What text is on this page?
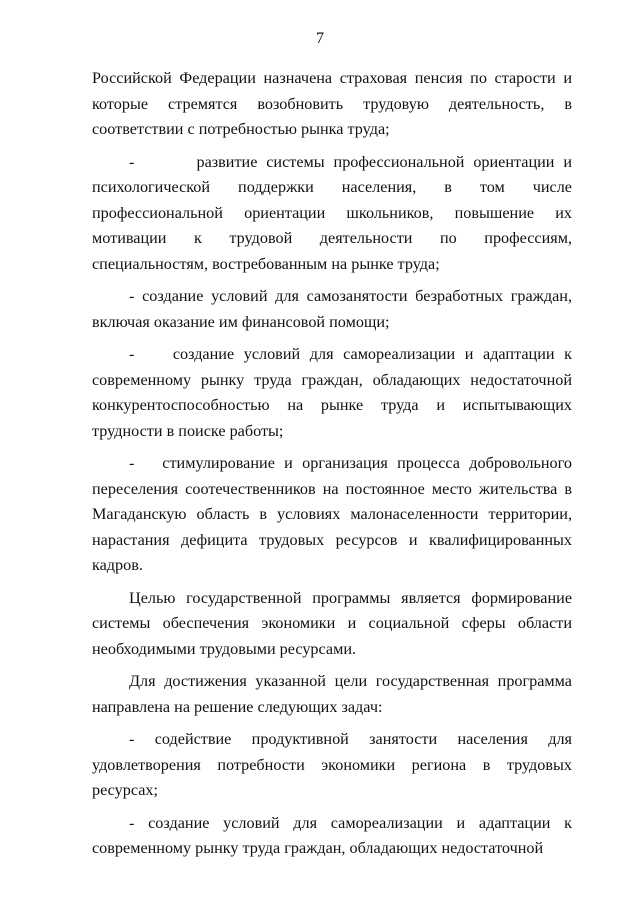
7

Российской Федерации назначена страховая пенсия по старости и которые стремятся возобновить трудовую деятельность, в соответствии с потребностью рынка труда;

-       развитие системы профессиональной ориентации и психологической поддержки населения, в том числе профессиональной ориентации школьников, повышение их мотивации к трудовой деятельности по профессиям, специальностям, востребованным на рынке труда;

- создание условий для самозанятости безработных граждан, включая оказание им финансовой помощи;

-    создание условий для самореализации и адаптации к современному рынку труда граждан, обладающих недостаточной конкурентоспособностью на рынке труда и испытывающих трудности в поиске работы;

-   стимулирование и организация процесса добровольного переселения соотечественников на постоянное место жительства в Магаданскую область в условиях малонаселенности территории, нарастания дефицита трудовых ресурсов и квалифицированных кадров.

Целью государственной программы является формирование системы обеспечения экономики и социальной сферы области необходимыми трудовыми ресурсами.

Для достижения указанной цели государственная программа направлена на решение следующих задач:

- содействие продуктивной занятости населения для удовлетворения потребности экономики региона в трудовых ресурсах;

- создание условий для самореализации и адаптации к современному рынку труда граждан, обладающих недостаточной
